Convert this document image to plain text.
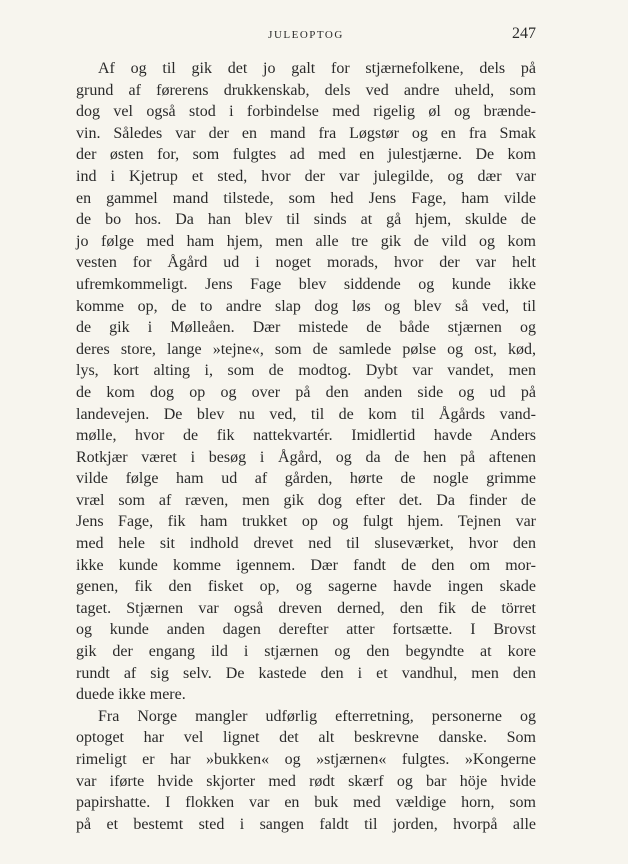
JULEOPTOG	247
Af og til gik det jo galt for stjærnefolkene, dels på
grund af førerens drukkenskab, dels ved andre uheld, som
dog vel også stod i forbindelse med rigelig øl og brænde-
vin. Således var der en mand fra Løgstør og en fra Smak
der østen for, som fulgtes ad med en julestjærne. De kom
ind i Kjetrup et sted, hvor der var julegilde, og dær var
en gammel mand tilstede, som hed Jens Fage, ham vilde
de bo hos. Da han blev til sinds at gå hjem, skulde de
jo følge med ham hjem, men alle tre gik de vild og kom
vesten for Ågård ud i noget morads, hvor der var helt
ufremkommeligt. Jens Fage blev siddende og kunde ikke
komme op, de to andre slap dog løs og blev så ved, til
de gik i Mølleåen. Dær mistede de både stjærnen og
deres store, lange »tejne«, som de samlede pølse og ost, kød,
lys, kort alting i, som de modtog. Dybt var vandet, men
de kom dog op og over på den anden side og ud på
landevejen. De blev nu ved, til de kom til Ågårds vand-
mølle, hvor de fik nattekvartér. Imidlertid havde Anders
Rotkjær været i besøg i Ågård, og da de hen på aftenen
vilde følge ham ud af gården, hørte de nogle grimme
vræl som af ræven, men gik dog efter det. Da finder de
Jens Fage, fik ham trukket op og fulgt hjem. Tejnen var
med hele sit indhold drevet ned til sluseværket, hvor den
ikke kunde komme igennem. Dær fandt de den om mor-
genen, fik den fisket op, og sagerne havde ingen skade
taget. Stjærnen var også dreven derned, den fik de törret
og kunde anden dagen derefter atter fortsætte. I Brovst
gik der engang ild i stjærnen og den begyndte at kore
rundt af sig selv. De kastede den i et vandhul, men den
duede ikke mere.
Fra Norge mangler udførlig efterretning, personerne og
optoget har vel lignet det alt beskrevne danske. Som
rimeligt er har »bukken« og »stjærnen« fulgtes. »Kongerne
var iførte hvide skjorter med rødt skærf og bar höje hvide
papirshatte. I flokken var en buk med vældige horn, som
på et bestemt sted i sangen faldt til jorden, hvorpå alle
